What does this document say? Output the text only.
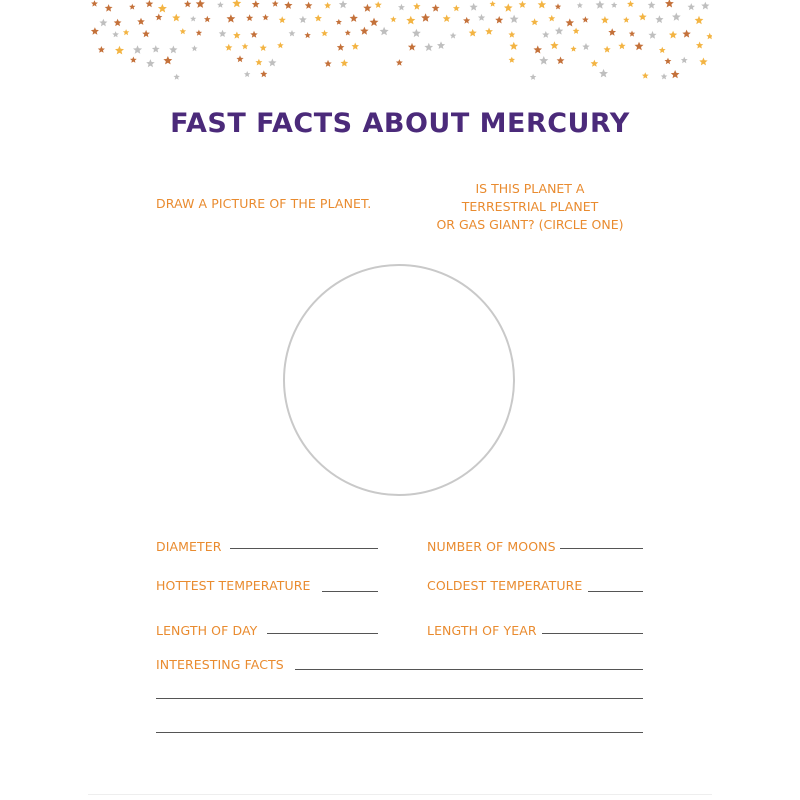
FAST FACTS ABOUT MERCURY
DRAW A PICTURE OF THE PLANET.
IS THIS PLANET A
TERRESTRIAL PLANET
OR GAS GIANT? (CIRCLE ONE)
DIAMETER	NUMBER OF MOONS
HOTTEST TEMPERATURE	COLDEST TEMPERATURE
LENGTH OF DAY	LENGTH OF YEAR
INTERESTING FACTS
